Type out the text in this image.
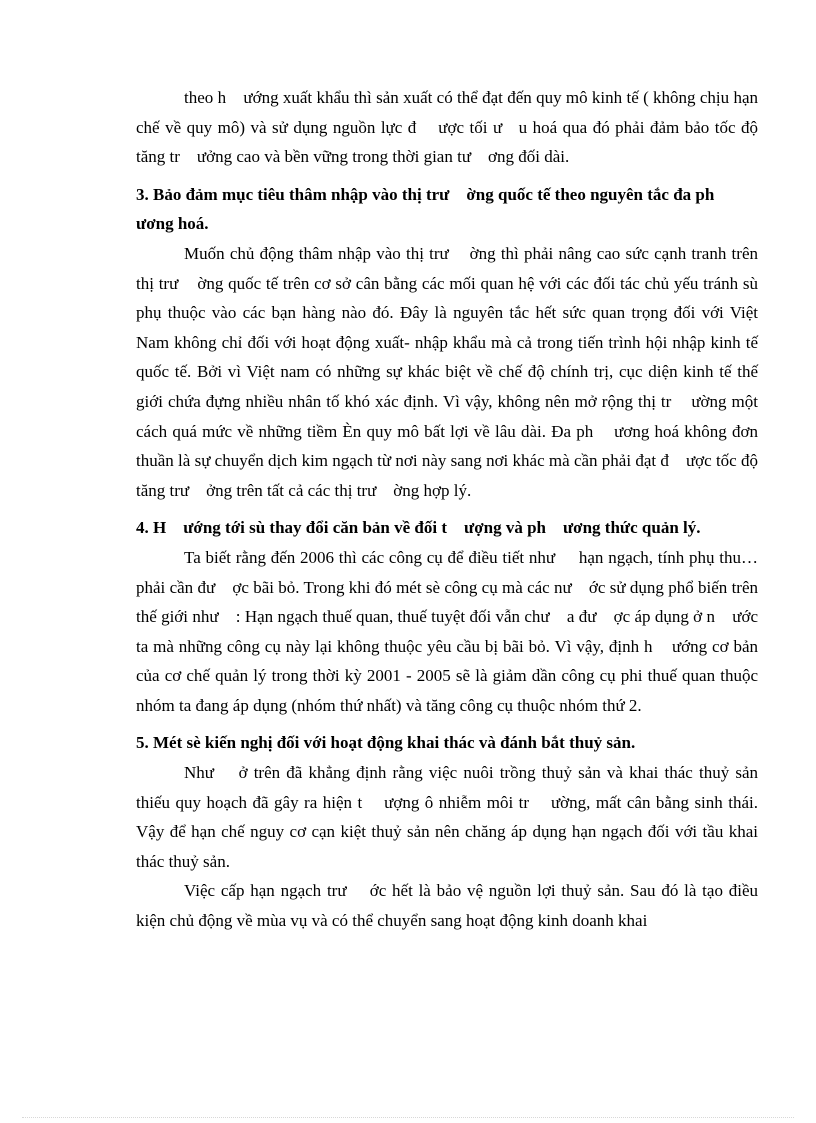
theo h    ướng xuất khẩu thì sản xuất có thể đạt đến quy mô kinh tế ( không chịu hạn chế về quy mô) và sử dụng nguồn lực đ    ược tối ư   u hoá qua đó phải đảm bảo tốc độ tăng tr    ưởng cao và bền vững trong thời gian tư    ơng đối dài.

3. Bảo đảm mục tiêu thâm nhập vào thị trư    ờng quốc tế theo nguyên tắc đa ph    ương hoá.

Muốn chủ động thâm nhập vào thị trư    ờng thì phải nâng cao sức cạnh tranh trên thị trư    ờng quốc tế trên cơ sở cân bằng các mối quan hệ với các đối tác chủ yếu tránh sù phụ thuộc vào các bạn hàng nào đó. Đây là nguyên tắc hết sức quan trọng đối với Việt Nam không chỉ đối với hoạt động xuất- nhập khẩu mà cả trong tiến trình hội nhập kinh tế quốc tế. Bởi vì Việt nam có những sự khác biệt về chế độ chính trị, cục diện kinh tế thế giới chứa đựng nhiều nhân tố khó xác định. Vì vậy, không nên mở rộng thị tr    ường một cách quá mức về những tiềm Èn quy mô bất lợi về lâu dài. Đa ph    ương hoá không đơn thuần là sự chuyển dịch kim ngạch từ nơi này sang nơi khác mà cần phải đạt đ    ược tốc độ tăng trư    ởng trên tất cả các thị trư    ờng hợp lý.

4. H    ướng tới sù thay đổi căn bản về đối t    ượng và ph    ương thức quản lý.

Ta biết rằng đến 2006 thì các công cụ để điều tiết như     hạn ngạch, tính phụ thu… phải cần đư    ợc bãi bỏ. Trong khi đó mét sè công cụ mà các nư    ớc sử dụng phổ biến trên thế giới như    : Hạn ngạch thuế quan, thuế tuyệt đối vẫn chư    a đư    ợc áp dụng ở n    ước ta mà những công cụ này lại không thuộc yêu cầu bị bãi bỏ. Vì vậy, định h    ướng cơ bản của cơ chế quản lý trong thời kỳ 2001 - 2005 sẽ là giảm dần công cụ phi thuế quan thuộc nhóm ta đang áp dụng (nhóm thứ nhất) và tăng công cụ thuộc nhóm thứ 2.

5. Mét sè kiến nghị đối với hoạt động khai thác và đánh bắt thuỷ sản.

Như    ở trên đã khẳng định rằng việc nuôi trồng thuỷ sản và khai thác thuỷ sản thiếu quy hoạch đã gây ra hiện t    ượng ô nhiễm môi tr    ường, mất cân bằng sinh thái. Vậy để hạn chế nguy cơ cạn kiệt thuỷ sản nên chăng áp dụng hạn ngạch đối với tầu khai thác thuỷ sản.

Việc cấp hạn ngạch trư    ớc hết là bảo vệ nguồn lợi thuỷ sản. Sau đó là tạo điều kiện chủ động về mùa vụ và có thể chuyển sang hoạt động kinh doanh khai
